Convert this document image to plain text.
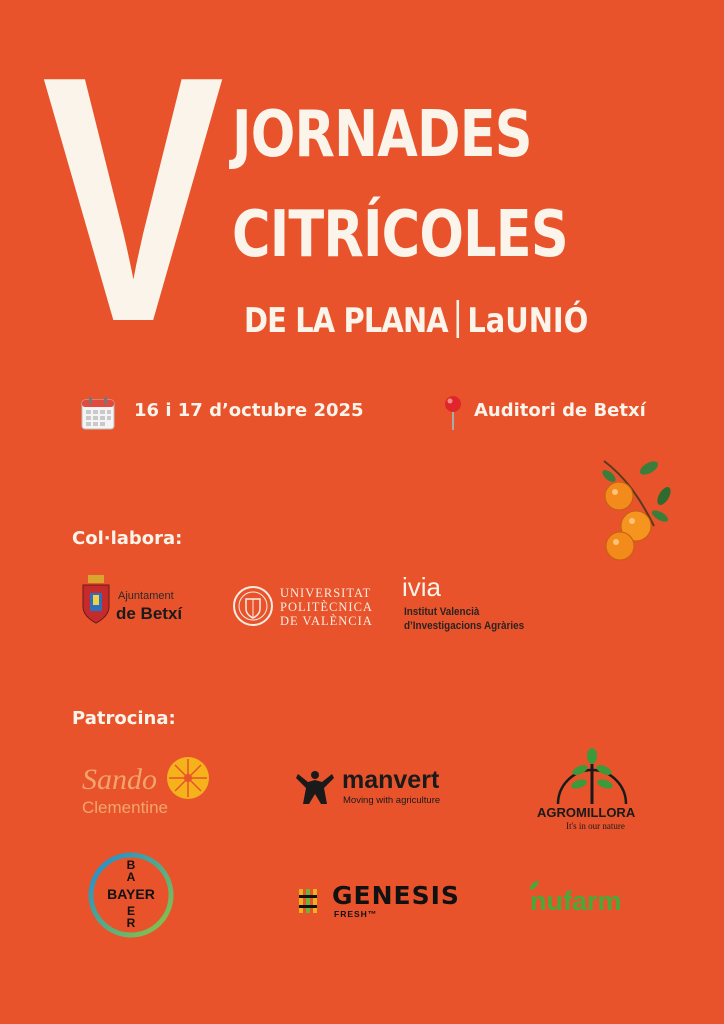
V JORNADES
CITRÍCOLES
DE LA PLANA LaUNIÓ
16 i 17 d’octubre 2025	Auditori de Betxí
Col·labora:
Ajuntament
de Betxí
UNIVERSITAT
POLITÈCNICA
DE VALÈNCIA
ivia
Institut Valencià
d’Investigacions Agràries
Patrocina:
Sando
Clementine
manvert
Moving with agriculture
AGROMILLORA
It's in our nature
BAYER
B
A
E
R
GENESIS
FRESH™	nufarm
